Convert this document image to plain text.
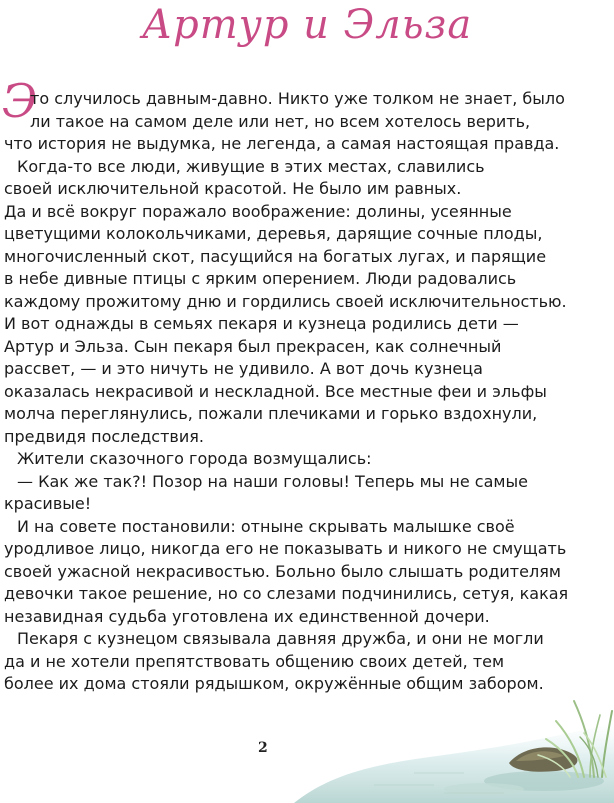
Артур и Эльза
Э
то случилось давным-давно. Никто уже толком не знает, было
ли такое на самом деле или нет, но всем хотелось верить,
что история не выдумка, не легенда, а самая настоящая правда.
Когда-то все люди, живущие в этих местах, славились
своей исключительной красотой. Не было им равных.
Да и всё вокруг поражало воображение: долины, усеянные
цветущими колокольчиками, деревья, дарящие сочные плоды,
многочисленный скот, пасущийся на богатых лугах, и парящие
в небе дивные птицы с ярким оперением. Люди радовались
каждому прожитому дню и гордились своей исключительностью.
И вот однажды в семьях пекаря и кузнеца родились дети —
Артур и Эльза. Сын пекаря был прекрасен, как солнечный
рассвет, — и это ничуть не удивило. А вот дочь кузнеца
оказалась некрасивой и нескладной. Все местные феи и эльфы
молча переглянулись, пожали плечиками и горько вздохнули,
предвидя последствия.
Жители сказочного города возмущались:
— Как же так?! Позор на наши головы! Теперь мы не самые
красивые!
И на совете постановили: отныне скрывать малышке своё
уродливое лицо, никогда его не показывать и никого не смущать
своей ужасной некрасивостью. Больно было слышать родителям
девочки такое решение, но со слезами подчинились, сетуя, какая
незавидная судьба уготовлена их единственной дочери.
Пекаря с кузнецом связывала давняя дружба, и они не могли
да и не хотели препятствовать общению своих детей, тем
более их дома стояли рядышком, окружённые общим забором.
2
